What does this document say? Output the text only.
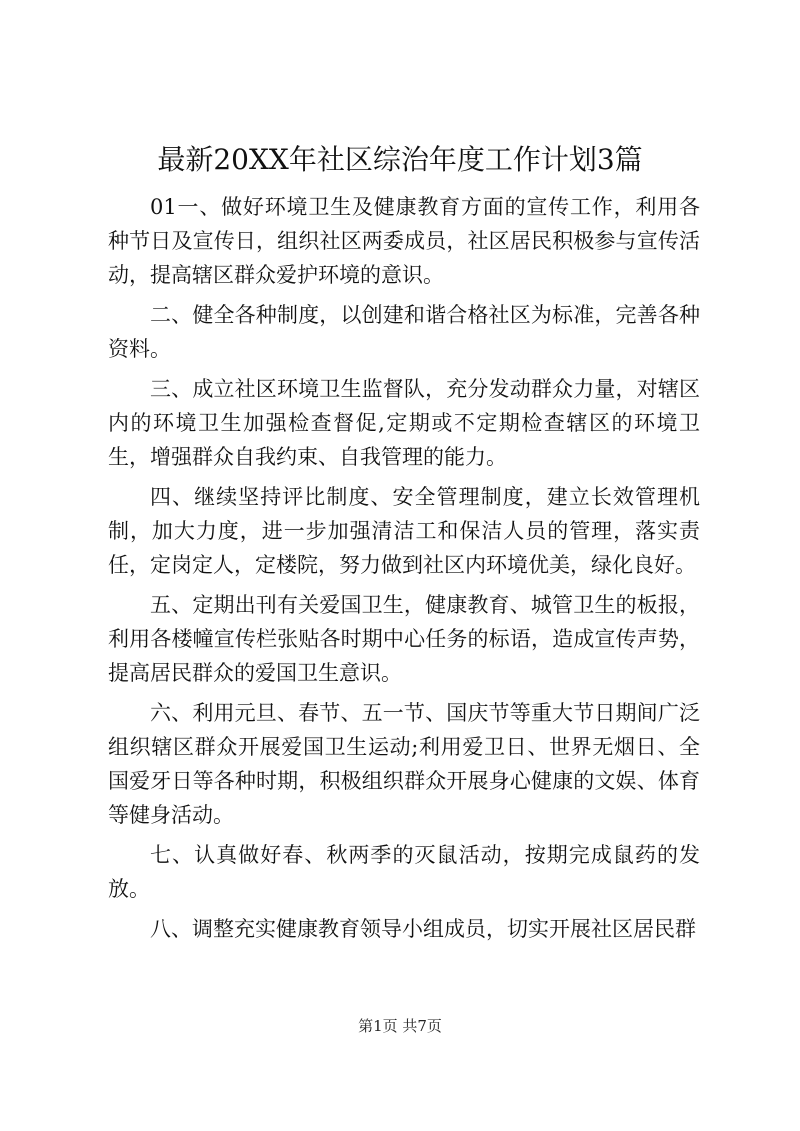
最新20XX年社区综治年度工作计划3篇

01一、做好环境卫生及健康教育方面的宣传工作，利用各种节日及宣传日，组织社区两委成员，社区居民积极参与宣传活动，提高辖区群众爱护环境的意识。

二、健全各种制度，以创建和谐合格社区为标准，完善各种资料。

三、成立社区环境卫生监督队，充分发动群众力量，对辖区内的环境卫生加强检查督促,定期或不定期检查辖区的环境卫生，增强群众自我约束、自我管理的能力。

四、继续坚持评比制度、安全管理制度，建立长效管理机制，加大力度，进一步加强清洁工和保洁人员的管理，落实责任，定岗定人，定楼院，努力做到社区内环境优美，绿化良好。

五、定期出刊有关爱国卫生，健康教育、城管卫生的板报，利用各楼幢宣传栏张贴各时期中心任务的标语，造成宣传声势，提高居民群众的爱国卫生意识。

六、利用元旦、春节、五一节、国庆节等重大节日期间广泛组织辖区群众开展爱国卫生运动;利用爱卫日、世界无烟日、全国爱牙日等各种时期，积极组织群众开展身心健康的文娱、体育等健身活动。

七、认真做好春、秋两季的灭鼠活动，按期完成鼠药的发放。

八、调整充实健康教育领导小组成员，切实开展社区居民群

第1页 共7页
